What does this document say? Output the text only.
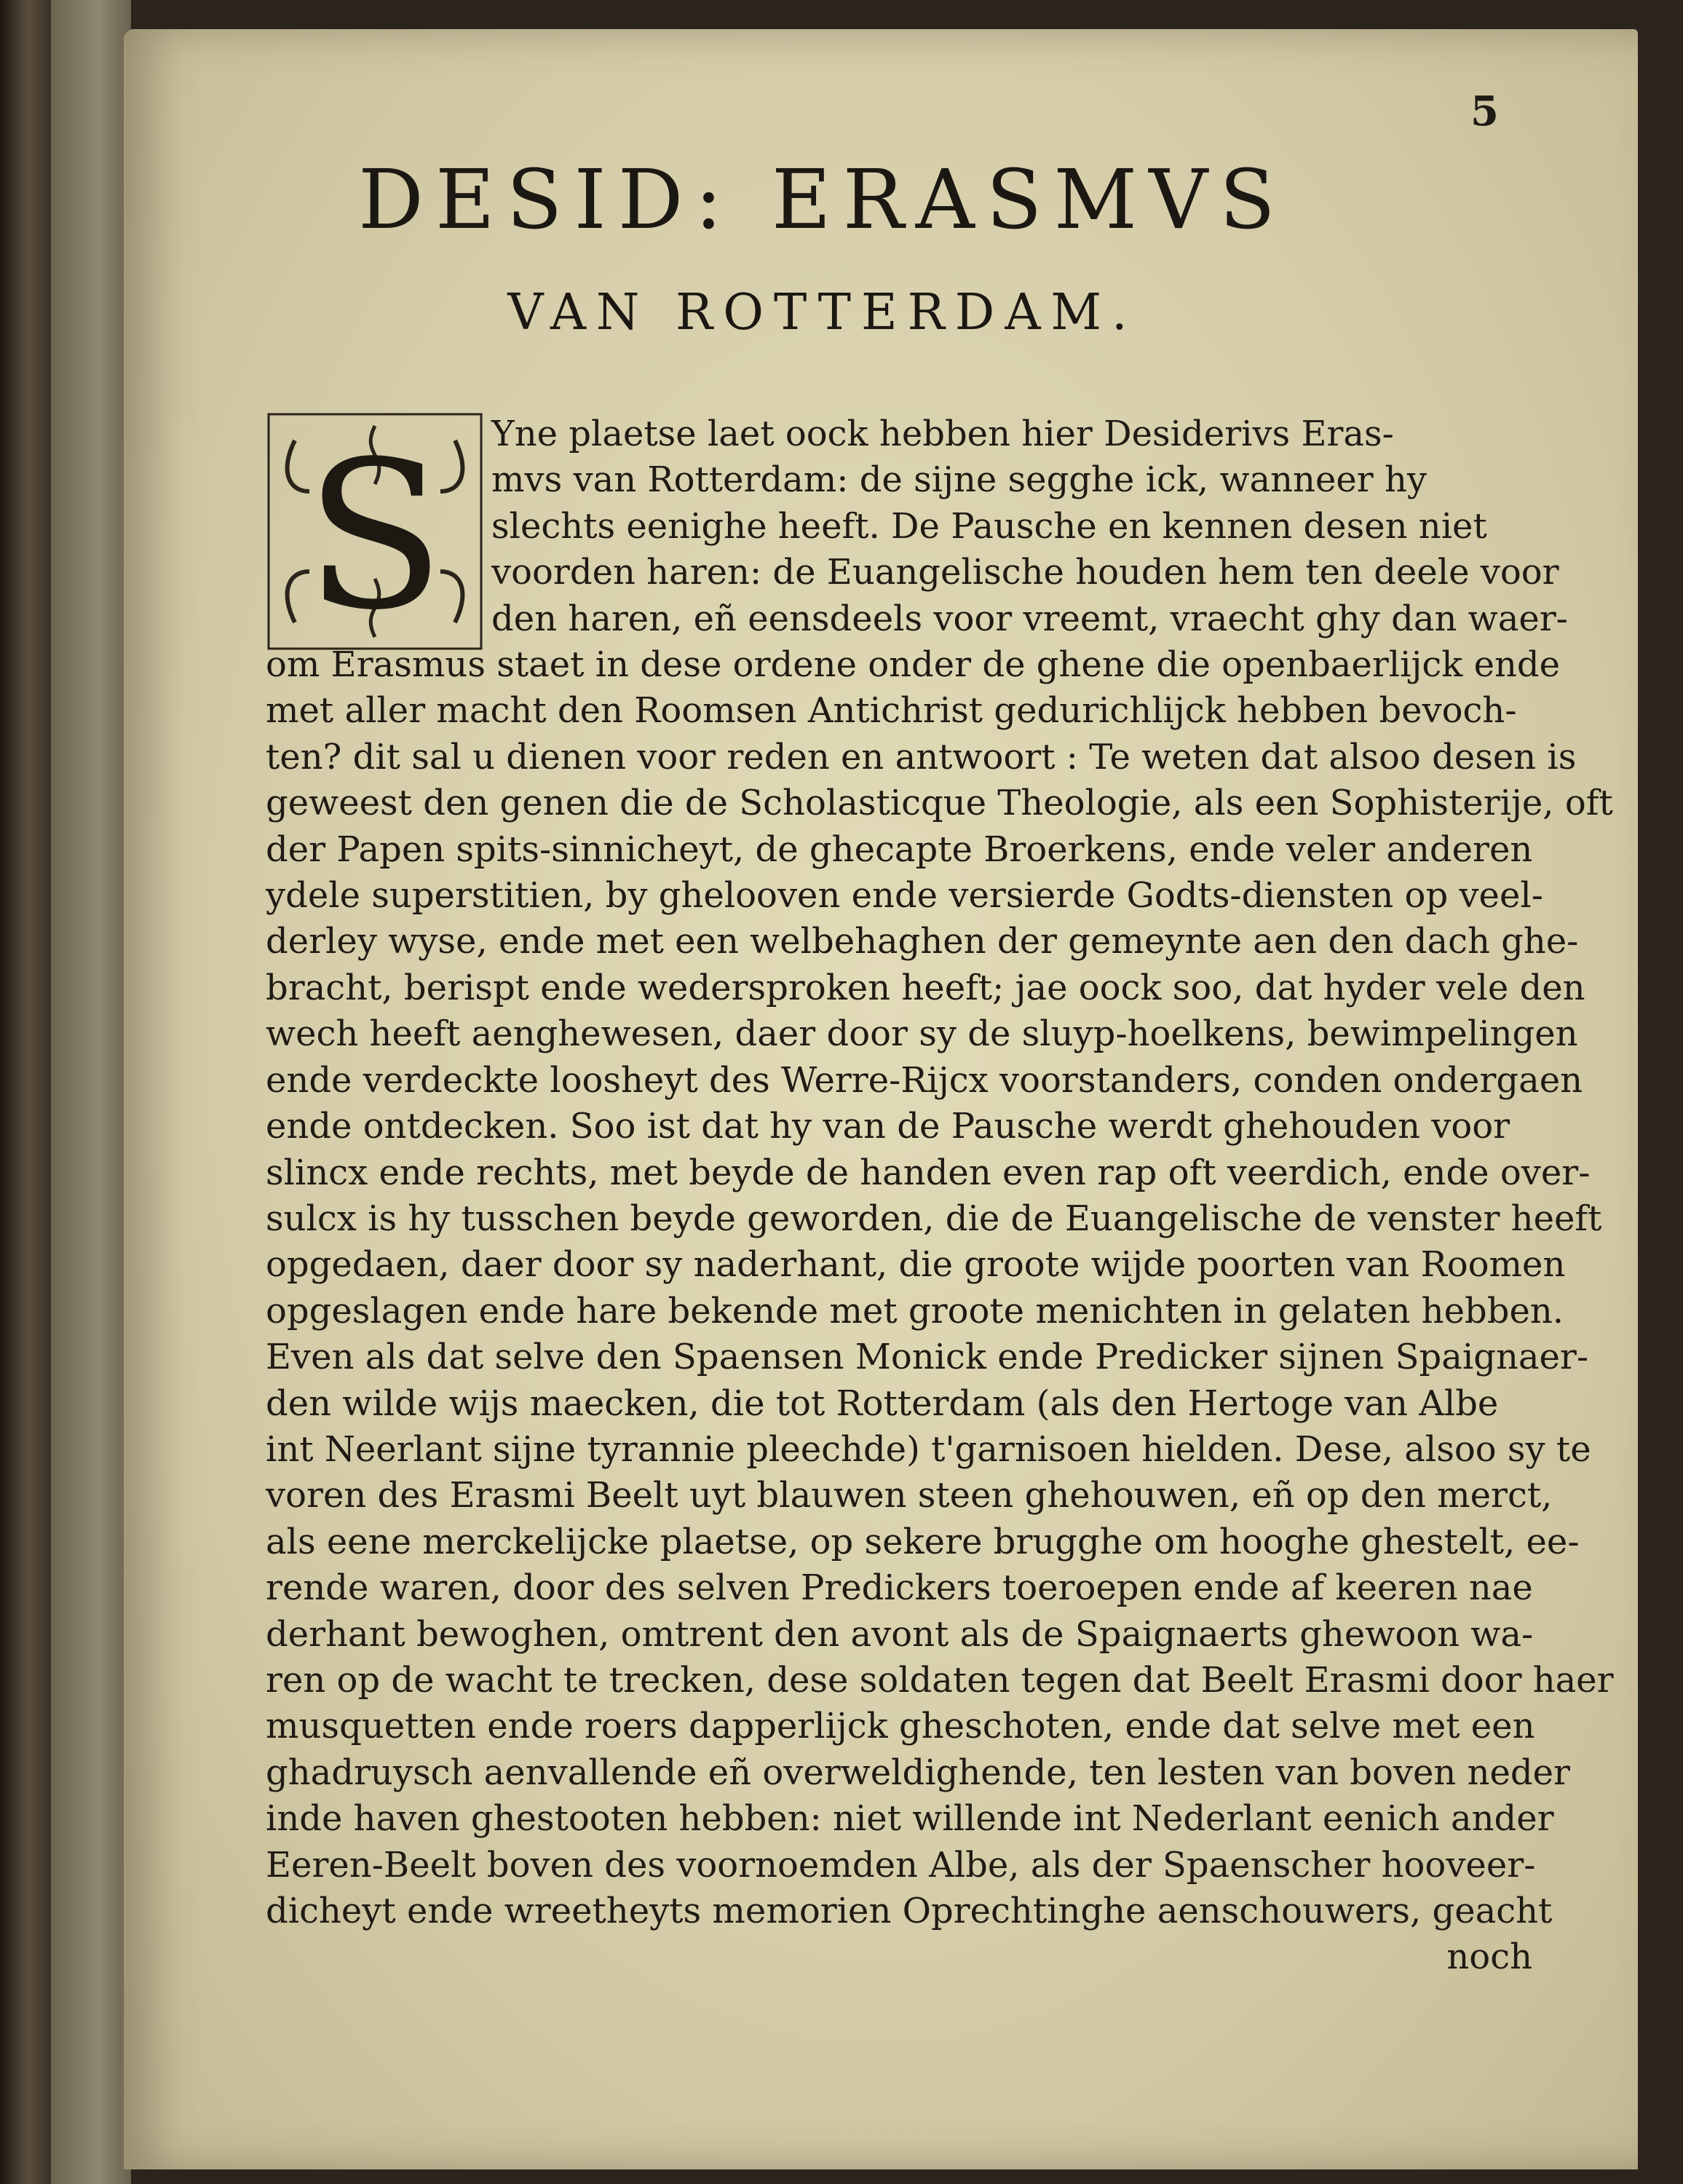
5

DESID: ERASMVS
VAN ROTTERDAM.
S	Yne plaetse laet oock hebben hier Desiderivs Eras-
mvs van Rotterdam: de sijne segghe ick, wanneer hy
slechts eenighe heeft. De Pausche en kennen desen niet
voorden haren: de Euangelische houden hem ten deele voor
den haren, eñ eensdeels voor vreemt, vraecht ghy dan waer-
om Erasmus staet in dese ordene onder de ghene die openbaerlijck ende
met aller macht den Roomsen Antichrist gedurichlijck hebben bevoch-
ten? dit sal u dienen voor reden en antwoort : Te weten dat alsoo desen is
geweest den genen die de Scholasticque Theologie, als een Sophisterije, oft
der Papen spits-sinnicheyt, de ghecapte Broerkens, ende veler anderen
ydele superstitien, by ghelooven ende versierde Godts-diensten op veel-
derley wyse, ende met een welbehaghen der gemeynte aen den dach ghe-
bracht, berispt ende wedersproken heeft; jae oock soo, dat hyder vele den
wech heeft aenghewesen, daer door sy de sluyp-hoelkens, bewimpelingen
ende verdeckte loosheyt des Werre-Rijcx voorstanders, conden ondergaen
ende ontdecken. Soo ist dat hy van de Pausche werdt ghehouden voor
slincx ende rechts, met beyde de handen even rap oft veerdich, ende over-
sulcx is hy tusschen beyde geworden, die de Euangelische de venster heeft
opgedaen, daer door sy naderhant, die groote wijde poorten van Roomen
opgeslagen ende hare bekende met groote menichten in gelaten hebben.
Even als dat selve den Spaensen Monick ende Predicker sijnen Spaignaer-
den wilde wijs maecken, die tot Rotterdam (als den Hertoge van Albe
int Neerlant sijne tyrannie pleechde) t'garnisoen hielden. Dese, alsoo sy te
voren des Erasmi Beelt uyt blauwen steen ghehouwen, eñ op den merct,
als eene merckelijcke plaetse, op sekere brugghe om hooghe ghestelt, ee-
rende waren, door des selven Predickers toeroepen ende af keeren nae
derhant bewoghen, omtrent den avont als de Spaignaerts ghewoon wa-
ren op de wacht te trecken, dese soldaten tegen dat Beelt Erasmi door haer
musquetten ende roers dapperlijck gheschoten, ende dat selve met een
ghadruysch aenvallende eñ overweldighende, ten lesten van boven neder
inde haven ghestooten hebben: niet willende int Nederlant eenich ander
Eeren-Beelt boven des voornoemden Albe, als der Spaenscher hooveer-
dicheyt ende wreetheyts memorien Oprechtinghe aenschouwers, geacht
noch
